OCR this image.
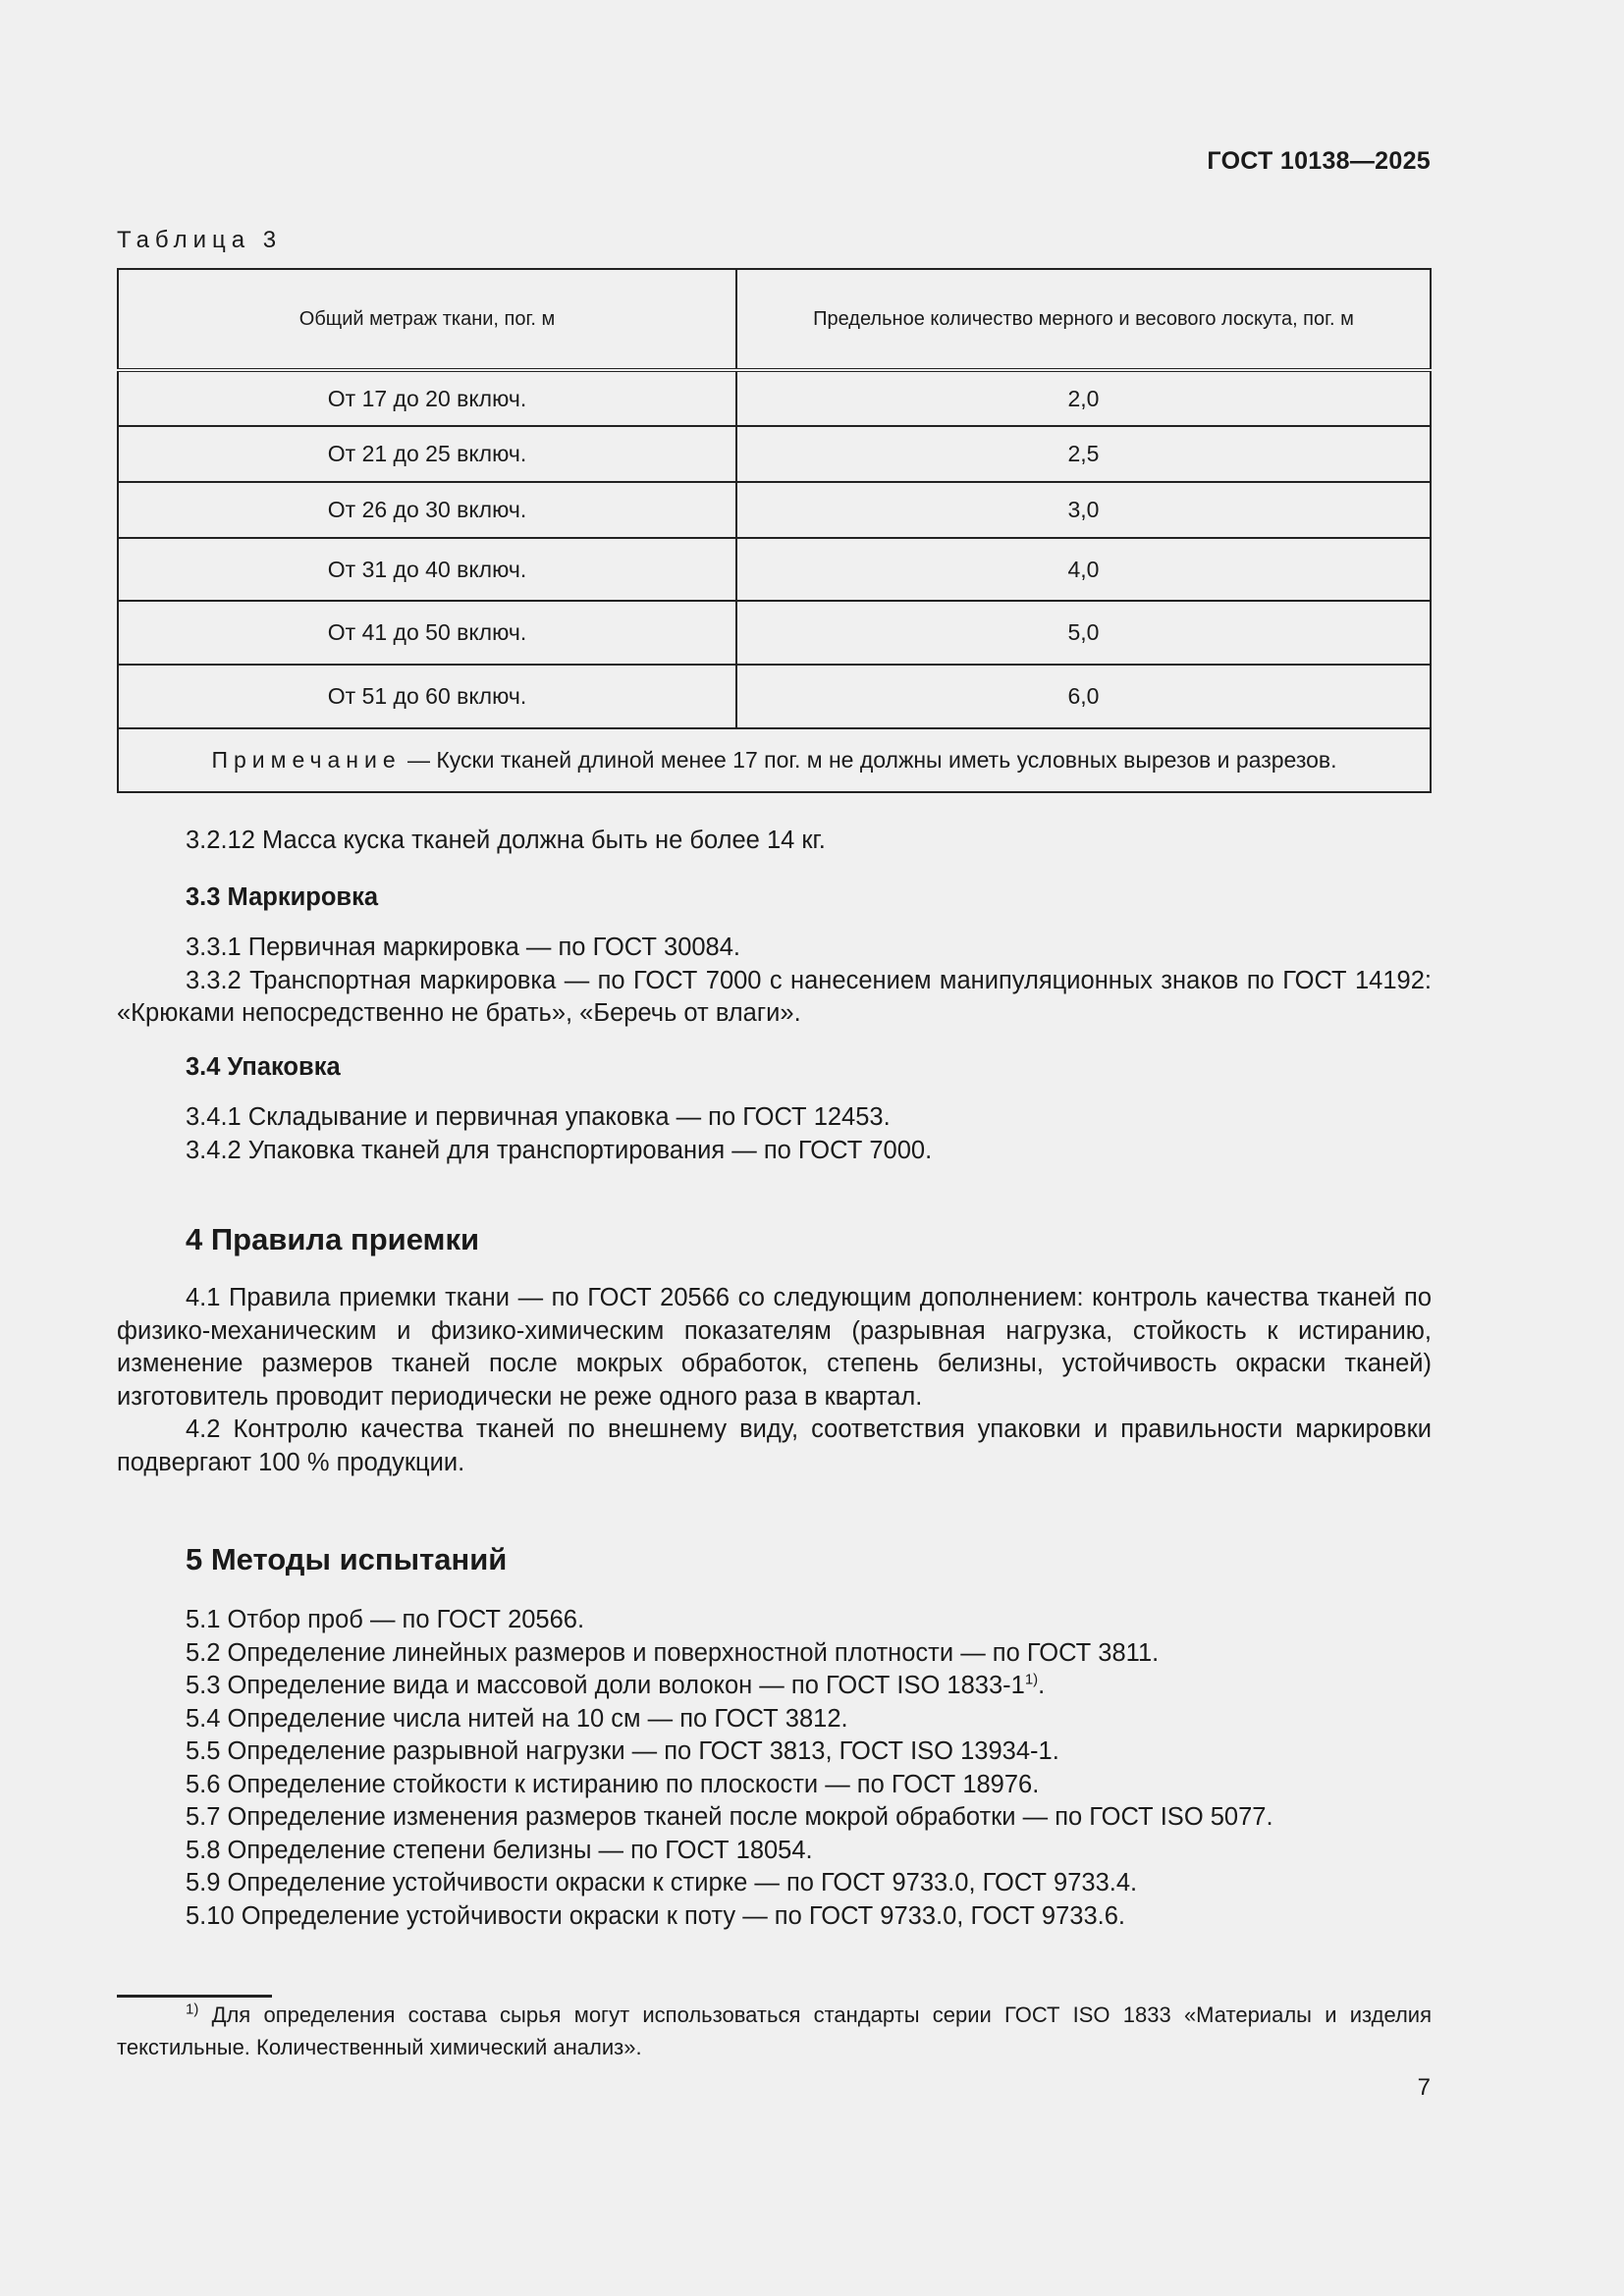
ГОСТ 10138—2025
Таблица 3
Общий метраж ткани, пог. м	Предельное количество мерного и весового лоскута, пог. м
От 17 до 20 включ.	2,0
От 21 до 25 включ.	2,5
От 26 до 30 включ.	3,0
От 31 до 40 включ.	4,0
От 41 до 50 включ.	5,0
От 51 до 60 включ.	6,0
Примечание — Куски тканей длиной менее 17 пог. м не должны иметь условных вырезов и разрезов.	

3.2.12 Масса куска тканей должна быть не более 14 кг.

3.3 Маркировка

3.3.1 Первичная маркировка — по ГОСТ 30084.

3.3.2 Транспортная маркировка — по ГОСТ 7000 с нанесением манипуляционных знаков по ГОСТ 14192: «Крюками непосредственно не брать», «Беречь от влаги».

3.4 Упаковка

3.4.1 Складывание и первичная упаковка — по ГОСТ 12453.

3.4.2 Упаковка тканей для транспортирования — по ГОСТ 7000.

4 Правила приемки

4.1 Правила приемки ткани — по ГОСТ 20566 со следующим дополнением: контроль качества тканей по физико-механическим и физико-химическим показателям (разрывная нагрузка, стойкость к истиранию, изменение размеров тканей после мокрых обработок, степень белизны, устойчивость окраски тканей) изготовитель проводит периодически не реже одного раза в квартал.

4.2 Контролю качества тканей по внешнему виду, соответствия упаковки и правильности маркировки подвергают 100 % продукции.

5 Методы испытаний

5.1 Отбор проб — по ГОСТ 20566.

5.2 Определение линейных размеров и поверхностной плотности — по ГОСТ 3811.

5.3 Определение вида и массовой доли волокон — по ГОСТ ISO 1833-1$^{1)}$.

5.4 Определение числа нитей на 10 см — по ГОСТ 3812.

5.5 Определение разрывной нагрузки — по ГОСТ 3813, ГОСТ ISO 13934-1.

5.6 Определение стойкости к истиранию по плоскости — по ГОСТ 18976.

5.7 Определение изменения размеров тканей после мокрой обработки — по ГОСТ ISO 5077.

5.8 Определение степени белизны — по ГОСТ 18054.

5.9 Определение устойчивости окраски к стирке — по ГОСТ 9733.0, ГОСТ 9733.4.

5.10 Определение устойчивости окраски к поту — по ГОСТ 9733.0, ГОСТ 9733.6.

$^{1)}$ Для определения состава сырья могут использоваться стандарты серии ГОСТ ISO 1833 «Материалы и изделия текстильные. Количественный химический анализ».

7
